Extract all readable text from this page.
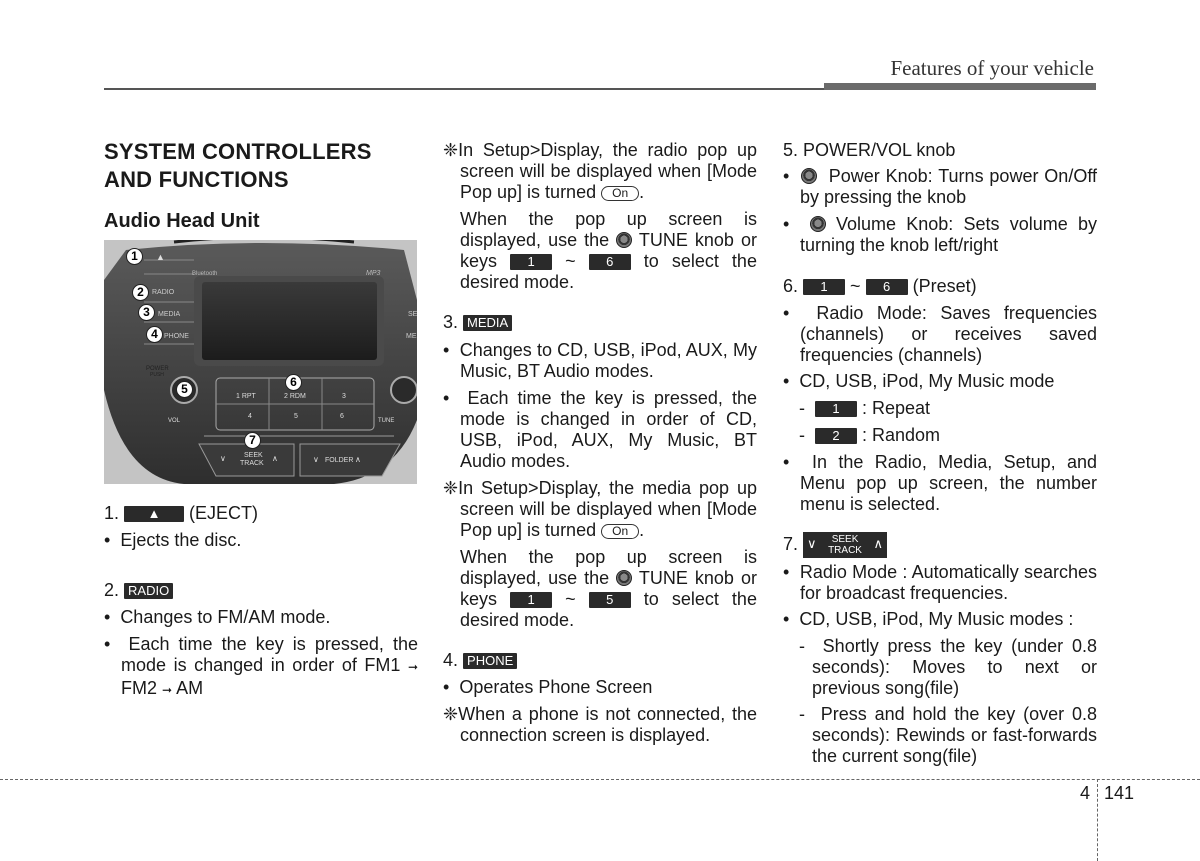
Features of your vehicle
SYSTEM CONTROLLERS
AND FUNCTIONS
Audio Head Unit
▲
Bluetooth	MP3
RADIO
MEDIA
PHONE
SE
ME
POWER
PUSH
VOL	TUNE
1 RPT	2 RDM	3
4	5	6
SEEK
TRACK
∨	∧	FOLDER
∨	∧
1
2
3
4
5	6
7
1. ▲ (EJECT)
•  Ejects the disc.
2. RADIO
•  Changes to FM/AM mode.
•  Each time the key is pressed, the mode is changed in order of FM1 ➞ FM2 ➞ AM
❈In Setup>Display, the radio pop up screen will be displayed when [Mode Pop up] is turned On .
When the pop up screen is displayed, use the TUNE knob or keys 1 ~ 6 to select the desired mode.
3. MEDIA
•  Changes to CD, USB, iPod, AUX, My Music, BT Audio modes.
•  Each time the key is pressed, the mode is changed in order of CD, USB, iPod, AUX, My Music, BT Audio modes.
❈In Setup>Display, the media pop up screen will be displayed when [Mode Pop up] is turned On .
When the pop up screen is displayed, use the TUNE knob or keys 1 ~ 5 to select the desired mode.
4. PHONE
•  Operates Phone Screen
❈When a phone is not connected, the connection screen is displayed.
5. POWER/VOL knob
•    Power Knob: Turns power On/Off by pressing the knob
•   Volume Knob: Sets volume by turning the knob left/right
6. 1 ~ 6 (Preset)
•  Radio Mode: Saves frequencies (channels) or receives saved frequencies (channels)
•  CD, USB, iPod, My Music mode
-  1 : Repeat
-  2 : Random
•  In the Radio, Media, Setup, and Menu pop up screen, the number menu is selected.
7. ∨	SEEK
TRACK ∧
•  Radio Mode : Automatically searches for broadcast frequencies.
•  CD, USB, iPod, My Music modes :
-  Shortly press the key (under 0.8 seconds): Moves to next or previous song(file)
-  Press and hold the key (over 0.8 seconds): Rewinds or fast-forwards the current song(file)
4 141
